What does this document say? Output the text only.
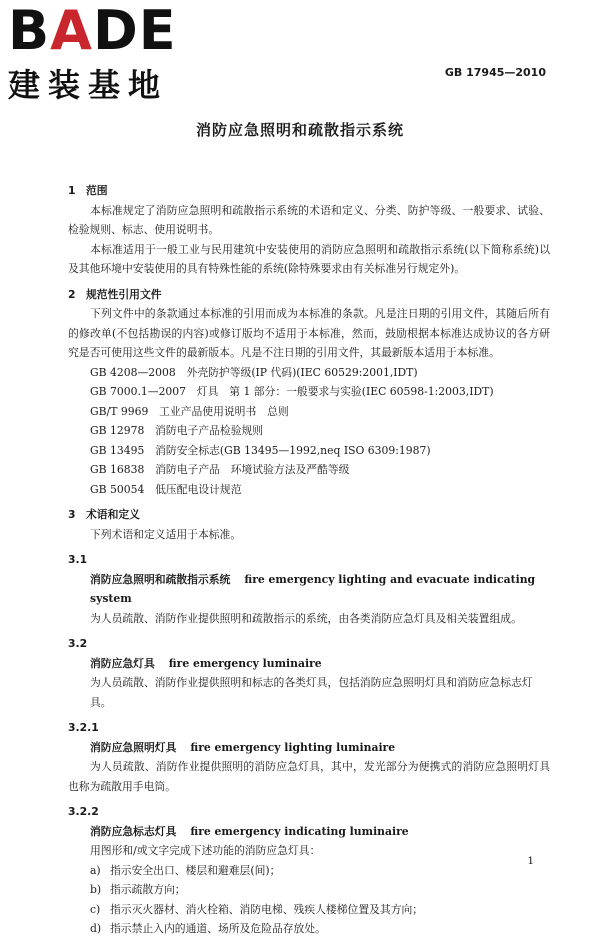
BADE
建装基地	GB 17945—2010
消防应急照明和疏散指示系统
1 范围
本标准规定了消防应急照明和疏散指示系统的术语和定义、分类、防护等级、一般要求、试验、检验规则、标志、使用说明书。
本标准适用于一般工业与民用建筑中安装使用的消防应急照明和疏散指示系统(以下简称系统)以及其他环境中安装使用的具有特殊性能的系统(除特殊要求由有关标准另行规定外)。
2 规范性引用文件
下列文件中的条款通过本标准的引用而成为本标准的条款。凡是注日期的引用文件，其随后所有的修改单(不包括勘误的内容)或修订版均不适用于本标准，然而，鼓励根据本标准达成协议的各方研究是否可使用这些文件的最新版本。凡是不注日期的引用文件，其最新版本适用于本标准。
GB 4208—2008　外壳防护等级(IP 代码)(IEC 60529:2001,IDT)
GB 7000.1—2007　灯具　第 1 部分：一般要求与实验(IEC 60598-1:2003,IDT)
GB/T 9969　工业产品使用说明书　总则
GB 12978　消防电子产品检验规则
GB 13495　消防安全标志(GB 13495—1992,neq ISO 6309:1987)
GB 16838　消防电子产品　环境试验方法及严酷等级
GB 50054　低压配电设计规范
3 术语和定义
下列术语和定义适用于本标准。
3.1
消防应急照明和疏散指示系统 fire emergency lighting and evacuate indicating system
为人员疏散、消防作业提供照明和疏散指示的系统，由各类消防应急灯具及相关装置组成。
3.2
消防应急灯具 fire emergency luminaire
为人员疏散、消防作业提供照明和标志的各类灯具，包括消防应急照明灯具和消防应急标志灯具。
3.2.1
消防应急照明灯具 fire emergency lighting luminaire
为人员疏散、消防作业提供照明的消防应急灯具，其中，发光部分为便携式的消防应急照明灯具也称为疏散用手电筒。
3.2.2
消防应急标志灯具 fire emergency indicating luminaire
用图形和/或文字完成下述功能的消防应急灯具：
a) 指示安全出口、楼层和避难层(间)；
b) 指示疏散方向；
c) 指示灭火器材、消火栓箱、消防电梯、残疾人楼梯位置及其方向；
d) 指示禁止入内的通道、场所及危险品存放处。
1
